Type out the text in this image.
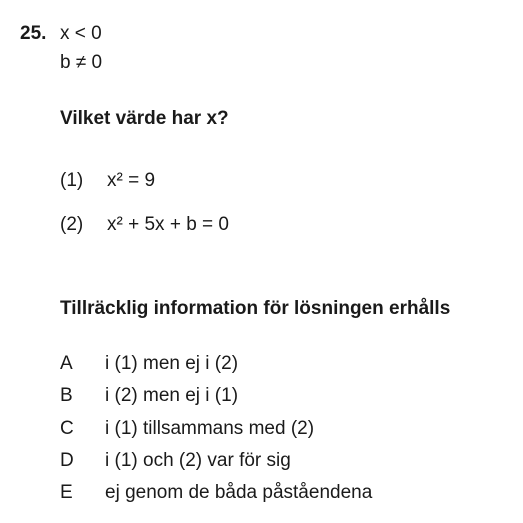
25. x < 0
b ≠ 0
Vilket värde har x?
(1) x² = 9
(2) x² + 5x + b = 0
Tillräcklig information för lösningen erhålls
A i (1) men ej i (2)
B i (2) men ej i (1)
C i (1) tillsammans med (2)
D i (1) och (2) var för sig
E ej genom de båda påståendena
